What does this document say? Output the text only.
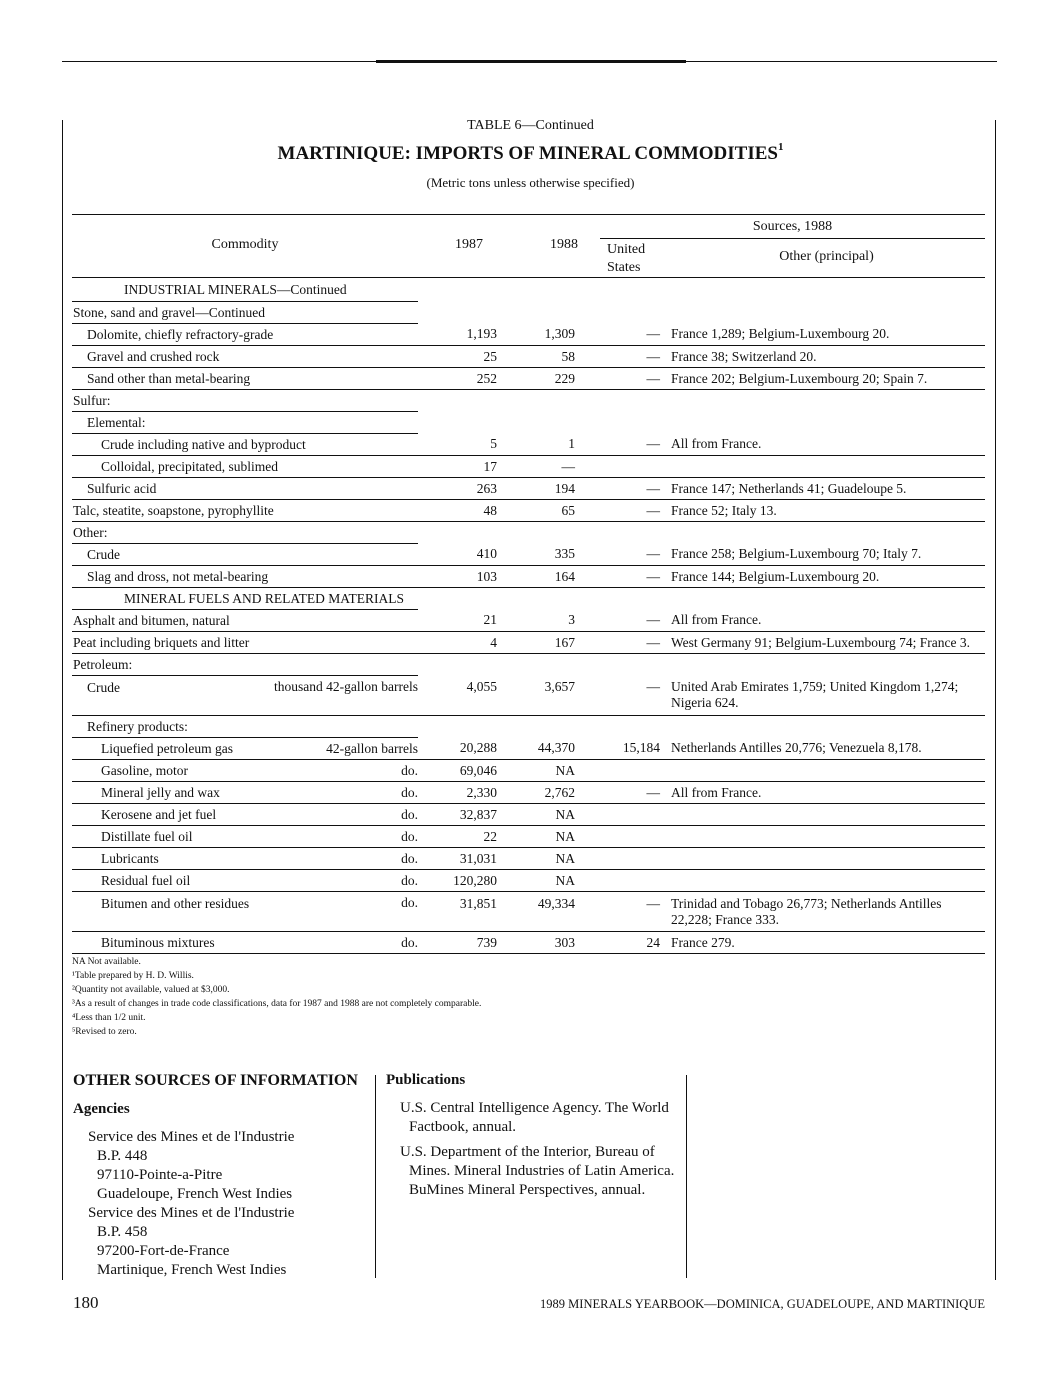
TABLE 6—Continued
MARTINIQUE: IMPORTS OF MINERAL COMMODITIES$^1$
(Metric tons unless otherwise specified)
Commodity	1987	1988
Sources, 1988
United States
Other (principal)
INDUSTRIAL MINERALS—Continued				

Stone, sand and gravel—Continued				

Dolomite, chiefly refractory-grade	1,193	1,309	—	France 1,289; Belgium-Luxembourg 20.

Gravel and crushed rock	25	58	—	France 38; Switzerland 20.

Sand other than metal-bearing	252	229	—	France 202; Belgium-Luxembourg 20; Spain 7.

Sulfur:				

Elemental:				

Crude including native and byproduct	5	1	—	All from France.

Colloidal, precipitated, sublimed	17	—		

Sulfuric acid	263	194	—	France 147; Netherlands 41; Guadeloupe 5.

Talc, steatite, soapstone, pyrophyllite	48	65	—	France 52; Italy 13.

Other:				

Crude	410	335	—	France 258; Belgium-Luxembourg 70; Italy 7.

Slag and dross, not metal-bearing	103	164	—	France 144; Belgium-Luxembourg 20.

MINERAL FUELS AND RELATED MATERIALS				

Asphalt and bitumen, natural	21	3	—	All from France.

Peat including briquets and litter	4	167	—	West Germany 91; Belgium-Luxembourg 74; France 3.

Petroleum:				

Crude thousand 42-gallon barrels	4,055	3,657	—	United Arab Emirates 1,759; United Kingdom 1,274; Nigeria 624.

Refinery products:				

Liquefied petroleum gas 42-gallon barrels	20,288	44,370	15,184	Netherlands Antilles 20,776; Venezuela 8,178.

Gasoline, motor do.	69,046	NA		

Mineral jelly and wax do.	2,330	2,762	—	All from France.

Kerosene and jet fuel do.	32,837	NA		

Distillate fuel oil do.	22	NA		

Lubricants do.	31,031	NA		

Residual fuel oil do.	120,280	NA		

Bitumen and other residues do.	31,851	49,334	—	Trinidad and Tobago 26,773; Netherlands Antilles 22,228; France 333.

Bituminous mixtures do.	739	303	24	France 279.
NA Not available.
¹Table prepared by H. D. Willis.
²Quantity not available, valued at $3,000.
³As a result of changes in trade code classifications, data for 1987 and 1988 are not completely comparable.
⁴Less than 1/2 unit.
⁵Revised to zero.
OTHER SOURCES OF INFORMATION
Agencies
Service des Mines et de l'Industrie
B.P. 448
97110-Pointe-a-Pitre
Guadeloupe, French West Indies
Service des Mines et de l'Industrie
B.P. 458
97200-Fort-de-France
Martinique, French West Indies
Publications
U.S. Central Intelligence Agency. The World Factbook, annual.
U.S. Department of the Interior, Bureau of Mines. Mineral Industries of Latin America. BuMines Mineral Perspectives, annual.
180	1989 MINERALS YEARBOOK—DOMINICA, GUADELOUPE, AND MARTINIQUE
